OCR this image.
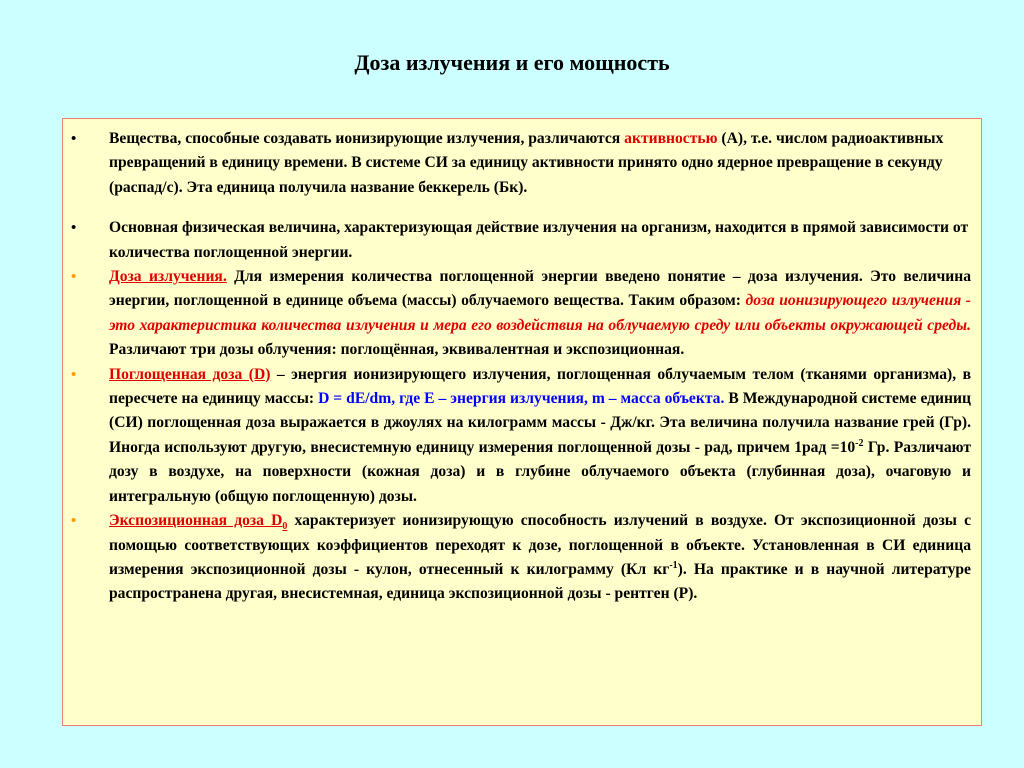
Доза излучения и его мощность
• Вещества, способные создавать ионизирующие излучения, различаются активностью (А), т.е. числом радиоактивных превращений в единицу времени. В системе СИ за единицу активности принято одно ядерное превращение в секунду (распад/с). Эта единица получила название беккерель (Бк).
• Основная физическая величина, характеризующая действие излучения на организм, находится в прямой зависимости от количества поглощенной энергии.
• Доза излучения. Для измерения количества поглощенной энергии введено понятие – доза излучения. Это величина энергии, поглощенной в единице объема (массы) облучаемого вещества. Таким образом: доза ионизирующего излучения - это характеристика количества излучения и мера его воздействия на облучаемую среду или объекты окружающей среды. Различают три дозы облучения: поглощённая, эквивалентная и экспозиционная.
• Поглощенная доза (D) – энергия ионизирующего излучения, поглощенная облучаемым телом (тканями организма), в пересчете на единицу массы: D = dE/dm, где Е – энергия излучения, m – масса объекта. В Международной системе единиц (СИ) поглощенная доза выражается в джоулях на килограмм массы - Дж/кг. Эта величина получила название грей (Гр). Иногда используют другую, внесистемную единицу измерения поглощенной дозы - рад, причем $1рад =10^{-2}$ Гр. Различают дозу в воздухе, на поверхности (кожная доза) и в глубине облучаемого объекта (глубинная доза), очаговую и интегральную (общую поглощенную) дозы.
• Экспозиционная доза $D_0$ характеризует ионизирующую способность излучений в воздухе. От экспозиционной дозы с помощью соответствующих коэффициентов переходят к дозе, поглощенной в объекте. Установленная в СИ единица измерения экспозиционной дозы - кулон, отнесенный к килограмму (Кл $кг^{-1}$). На практике и в научной литературе распространена другая, внесистемная, единица экспозиционной дозы - рентген (Р).
